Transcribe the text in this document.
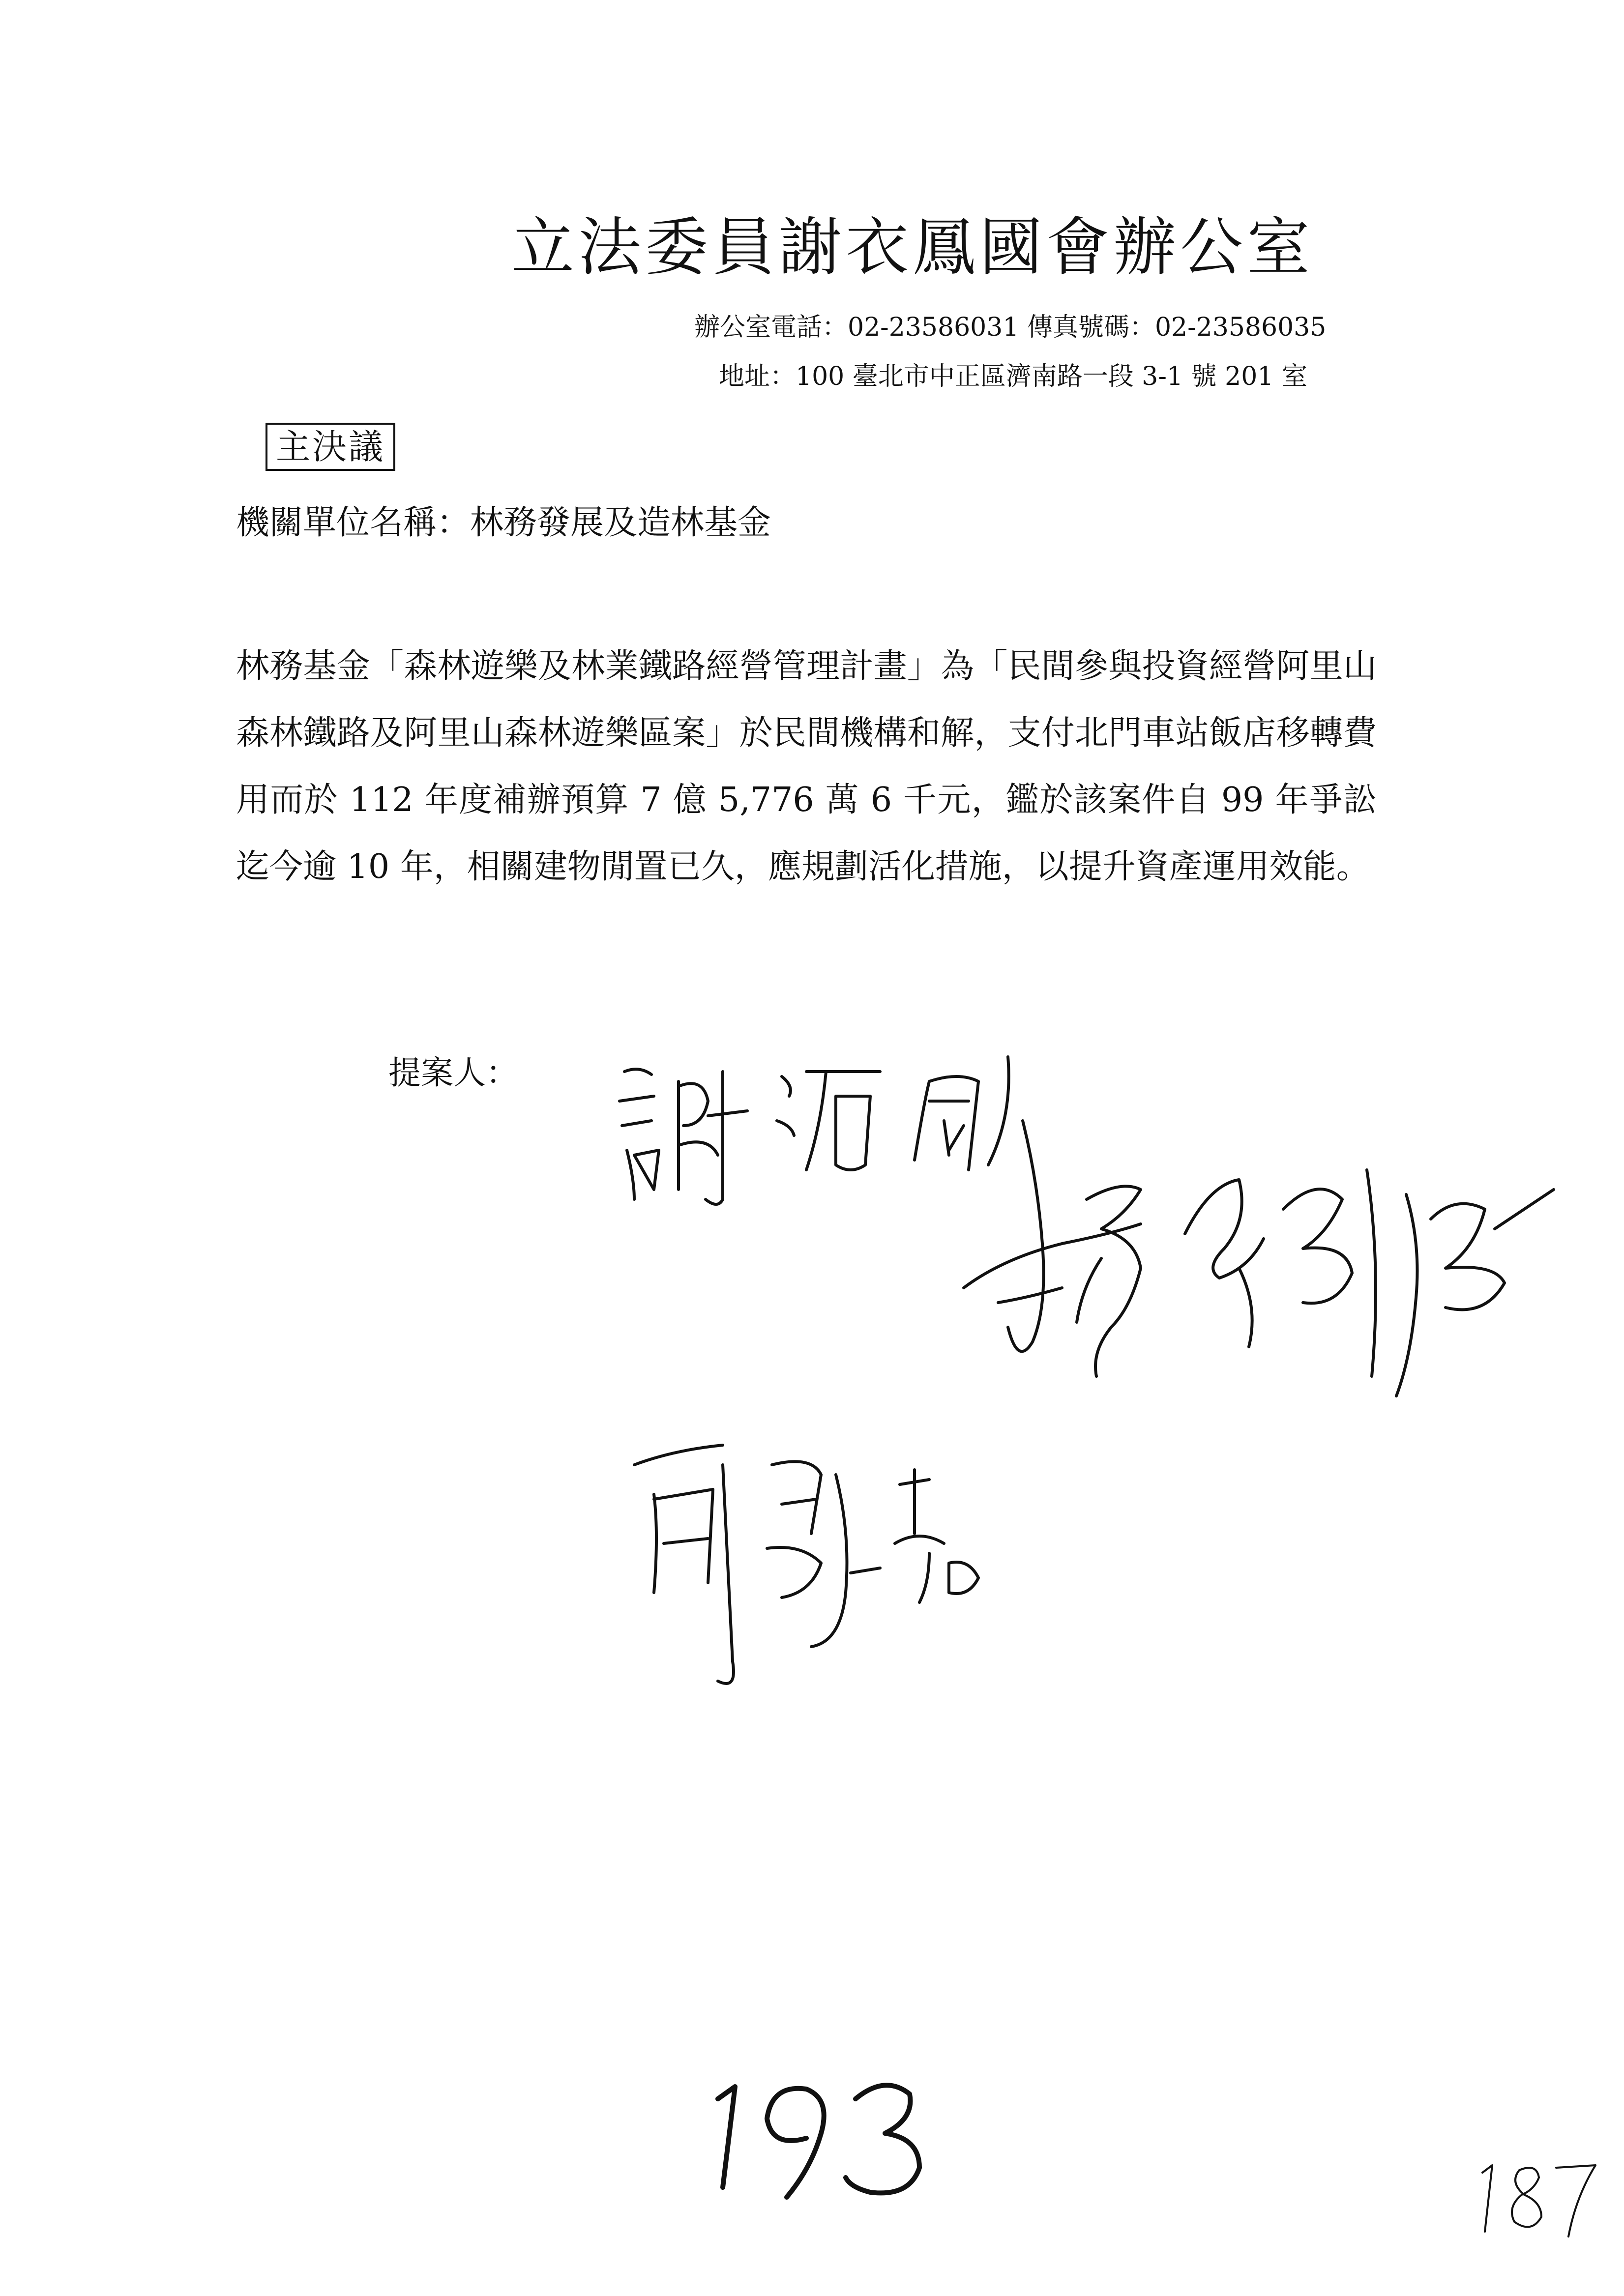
立法委員謝衣鳳國會辦公室
辦公室電話：02-23586031 傳真號碼：02-23586035
地址：100 臺北市中正區濟南路一段 3-1 號 201 室
主決議
機關單位名稱：林務發展及造林基金
林務基金「森林遊樂及林業鐵路經營管理計畫」為「民間參與投資經營阿里山森林鐵路及阿里山森林遊樂區案」於民間機構和解，支付北門車站飯店移轉費用而於 112 年度補辦預算 7 億 5,776 萬 6 千元，鑑於該案件自 99 年爭訟迄今逾 10 年，相關建物閒置已久，應規劃活化措施，以提升資產運用效能。
提案人：
